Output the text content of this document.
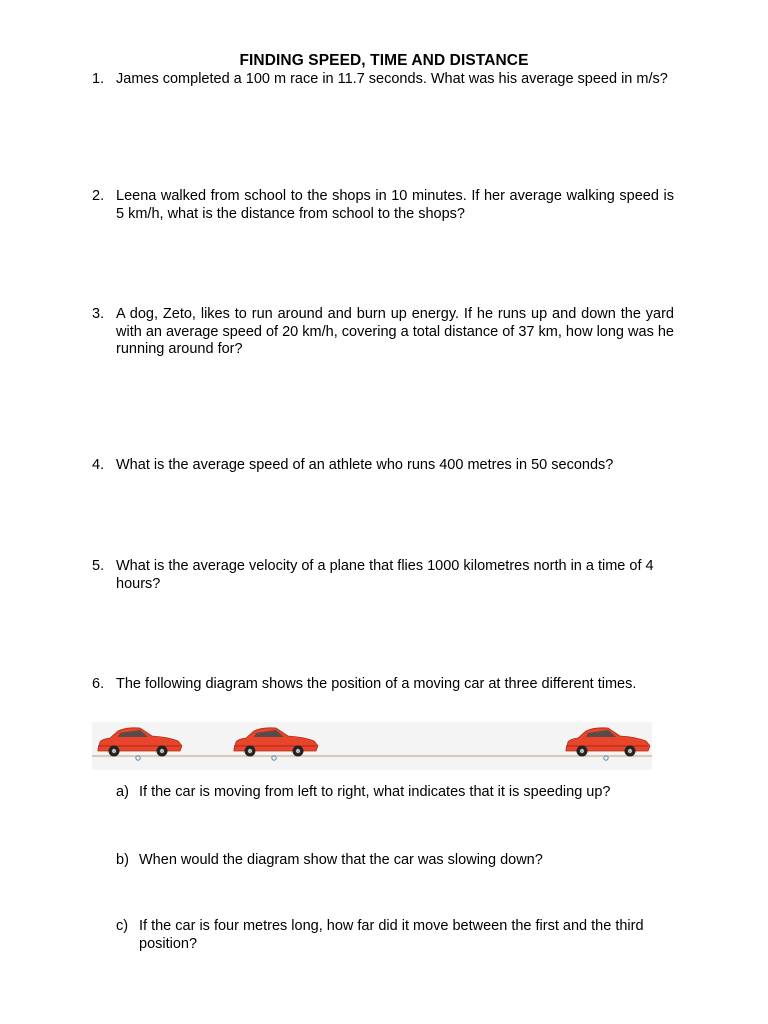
FINDING SPEED, TIME AND DISTANCE
1. James completed a 100 m race in 11.7 seconds. What was his average speed in m/s?
2. Leena walked from school to the shops in 10 minutes. If her average walking speed is 5 km/h, what is the distance from school to the shops?
3. A dog, Zeto, likes to run around and burn up energy. If he runs up and down the yard with an average speed of 20 km/h, covering a total distance of 37 km, how long was he running around for?
4. What is the average speed of an athlete who runs 400 metres in 50 seconds?
5. What is the average velocity of a plane that flies 1000 kilometres north in a time of 4 hours?
6. The following diagram shows the position of a moving car at three different times.
a) If the car is moving from left to right, what indicates that it is speeding up?
b) When would the diagram show that the car was slowing down?
c) If the car is four metres long, how far did it move between the first and the third position?
